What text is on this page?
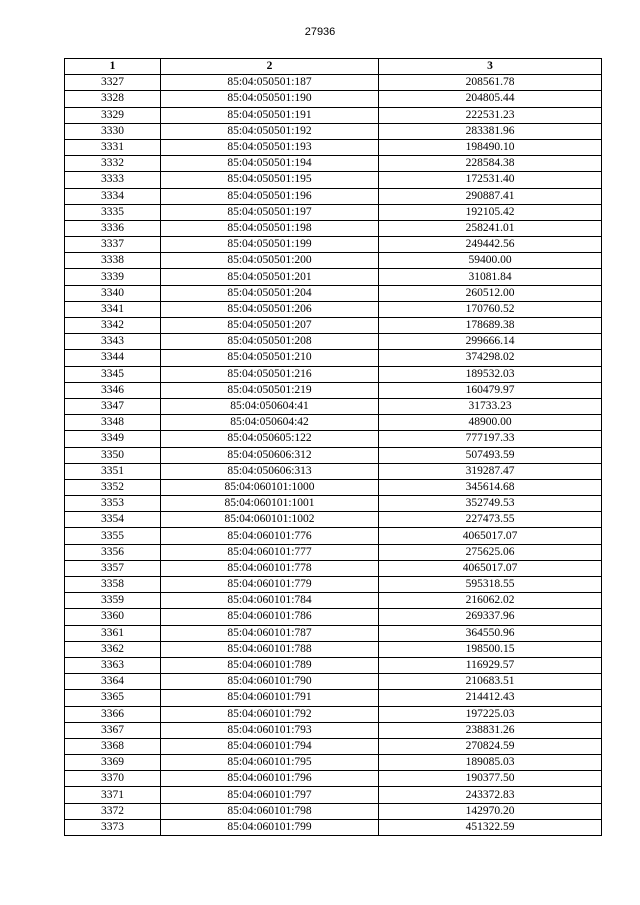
27936
1	2	3
3327	85:04:050501:187	208561.78
3328	85:04:050501:190	204805.44
3329	85:04:050501:191	222531.23
3330	85:04:050501:192	283381.96
3331	85:04:050501:193	198490.10
3332	85:04:050501:194	228584.38
3333	85:04:050501:195	172531.40
3334	85:04:050501:196	290887.41
3335	85:04:050501:197	192105.42
3336	85:04:050501:198	258241.01
3337	85:04:050501:199	249442.56
3338	85:04:050501:200	59400.00
3339	85:04:050501:201	31081.84
3340	85:04:050501:204	260512.00
3341	85:04:050501:206	170760.52
3342	85:04:050501:207	178689.38
3343	85:04:050501:208	299666.14
3344	85:04:050501:210	374298.02
3345	85:04:050501:216	189532.03
3346	85:04:050501:219	160479.97
3347	85:04:050604:41	31733.23
3348	85:04:050604:42	48900.00
3349	85:04:050605:122	777197.33
3350	85:04:050606:312	507493.59
3351	85:04:050606:313	319287.47
3352	85:04:060101:1000	345614.68
3353	85:04:060101:1001	352749.53
3354	85:04:060101:1002	227473.55
3355	85:04:060101:776	4065017.07
3356	85:04:060101:777	275625.06
3357	85:04:060101:778	4065017.07
3358	85:04:060101:779	595318.55
3359	85:04:060101:784	216062.02
3360	85:04:060101:786	269337.96
3361	85:04:060101:787	364550.96
3362	85:04:060101:788	198500.15
3363	85:04:060101:789	116929.57
3364	85:04:060101:790	210683.51
3365	85:04:060101:791	214412.43
3366	85:04:060101:792	197225.03
3367	85:04:060101:793	238831.26
3368	85:04:060101:794	270824.59
3369	85:04:060101:795	189085.03
3370	85:04:060101:796	190377.50
3371	85:04:060101:797	243372.83
3372	85:04:060101:798	142970.20
3373	85:04:060101:799	451322.59
